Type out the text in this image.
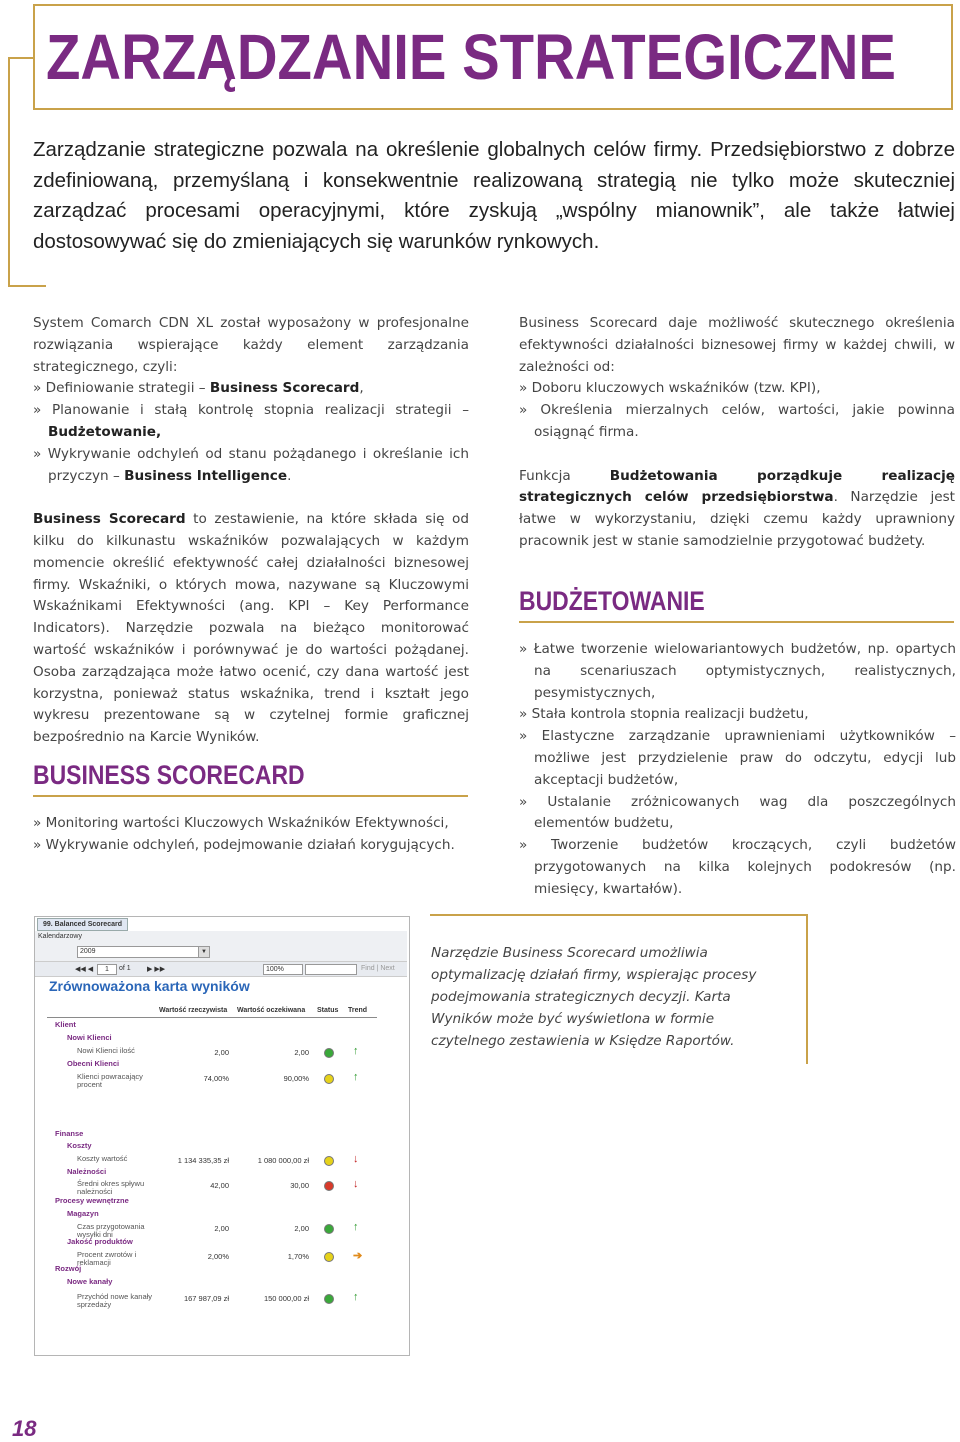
ZARZĄDZANIE STRATEGICZNE
Zarządzanie strategiczne pozwala na określenie globalnych celów firmy. Przedsiębiorstwo z dobrze zdefiniowaną, przemyślaną i konsekwentnie realizowaną strategią nie tylko może skuteczniej zarządzać procesami operacyjnymi, które zyskują „wspólny mianownik”, ale także łatwiej dostosowywać się do zmieniających się warunków rynkowych.

System Comarch CDN XL został wyposażony w profesjonalne rozwiązania wspierające każdy element zarządzania strategicznego, czyli:

» Definiowanie strategii – Business Scorecard,

» Planowanie i stałą kontrolę stopnia realizacji strategii – Budżetowanie,

» Wykrywanie odchyleń od stanu pożądanego i określanie ich przyczyn – Business Intelligence.

Business Scorecard to zestawienie, na które składa się od kilku do kilkunastu wskaźników pozwalających w każdym momencie określić efektywność całej działalności biznesowej firmy. Wskaźniki, o których mowa, nazywane są Kluczowymi Wskaźnikami Efektywności (ang. KPI – Key Performance Indicators). Narzędzie pozwala na bieżąco monitorować wartość wskaźników i porównywać je do wartości pożądanej. Osoba zarządzająca może łatwo ocenić, czy dana wartość jest korzystna, ponieważ status wskaźnika, trend i kształt jego wykresu prezentowane są w czytelnej formie graficznej bezpośrednio na Karcie Wyników.

BUSINESS SCORECARD

» Monitoring wartości Kluczowych Wskaźników Efektywności,

» Wykrywanie odchyleń, podejmowanie działań korygujących.

Business Scorecard daje możliwość skutecznego określenia efektywności działalności biznesowej firmy w każdej chwili, w zależności od:

» Doboru kluczowych wskaźników (tzw. KPI),

» Określenia mierzalnych celów, wartości, jakie powinna osiągnąć firma.

Funkcja Budżetowania porządkuje realizację strategicznych celów przedsiębiorstwa. Narzędzie jest łatwe w wykorzystaniu, dzięki czemu każdy uprawniony pracownik jest w stanie samodzielnie przygotować budżety.

BUDŻETOWANIE

» Łatwe tworzenie wielowariantowych budżetów, np. opartych na scenariuszach optymistycznych, realistycznych, pesymistycznych,

» Stała kontrola stopnia realizacji budżetu,

» Elastyczne zarządzanie uprawnieniami użytkowników – możliwe jest przydzielenie praw do odczytu, edycji lub akceptacji budżetów,

» Ustalanie zróżnicowanych wag dla poszczególnych elementów budżetu,

» Tworzenie budżetów kroczących, czyli budżetów przygotowanych na kilka kolejnych podokresów (np. miesięcy, kwartałów).

99. Balanced Scorecard
Kalendarzowy
2009	▼
◀◀ ◀	1	of 1 ▶ ▶▶	100%	Find | Next
Zrównoważona karta wyników
Wartość rzeczywista Wartość oczekiwana Status Trend
Klient
Nowi Klienci
Nowi Klienci ilość	2,00	2,00	↑
Obecni Klienci
Klienci powracający procent
74,00%	90,00%	↑
Finanse
Koszty
Koszty wartość	1 134 335,35 zł	1 080 000,00 zł	↓
Należności
Średni okres spływu należności
42,00	30,00	↓
Procesy wewnętrzne
Magazyn
Czas przygotowania wysyłki dni
2,00	2,00	↑
Jakość produktów
Procent zwrotów i reklamacji
2,00%	1,70%	➔
Rozwój
Nowe kanały
Przychód nowe kanały sprzedaży
167 987,09 zł	150 000,00 zł	↑
Narzędzie Business Scorecard umożliwia optymalizację działań firmy, wspierając procesy podejmowania strategicznych decyzji. Karta Wyników może być wyświetlona w formie czytelnego zestawienia w Księdze Raportów.
18
